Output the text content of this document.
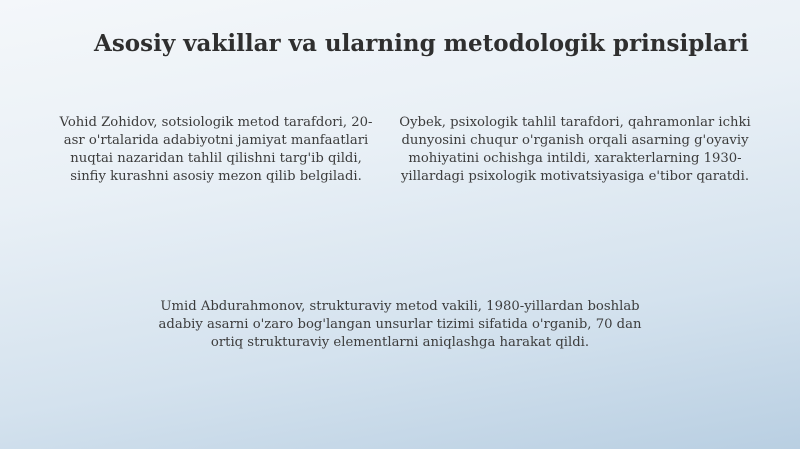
Asosiy vakillar va ularning metodologik prinsiplari
Vohid Zohidov, sotsiologik metod tarafdori, 20-asr o'rtalarida adabiyotni jamiyat manfaatlari nuqtai nazaridan tahlil qilishni targ'ib qildi, sinfiy kurashni asosiy mezon qilib belgiladi.
Oybek, psixologik tahlil tarafdori, qahramonlar ichki dunyosini chuqur o'rganish orqali asarning g'oyaviy mohiyatini ochishga intildi, xarakterlarning 1930-yillardagi psixologik motivatsiyasiga e'tibor qaratdi.
Umid Abdurahmonov, strukturaviy metod vakili, 1980-yillardan boshlab adabiy asarni o'zaro bog'langan unsurlar tizimi sifatida o'rganib, 70 dan ortiq strukturaviy elementlarni aniqlashga harakat qildi.
